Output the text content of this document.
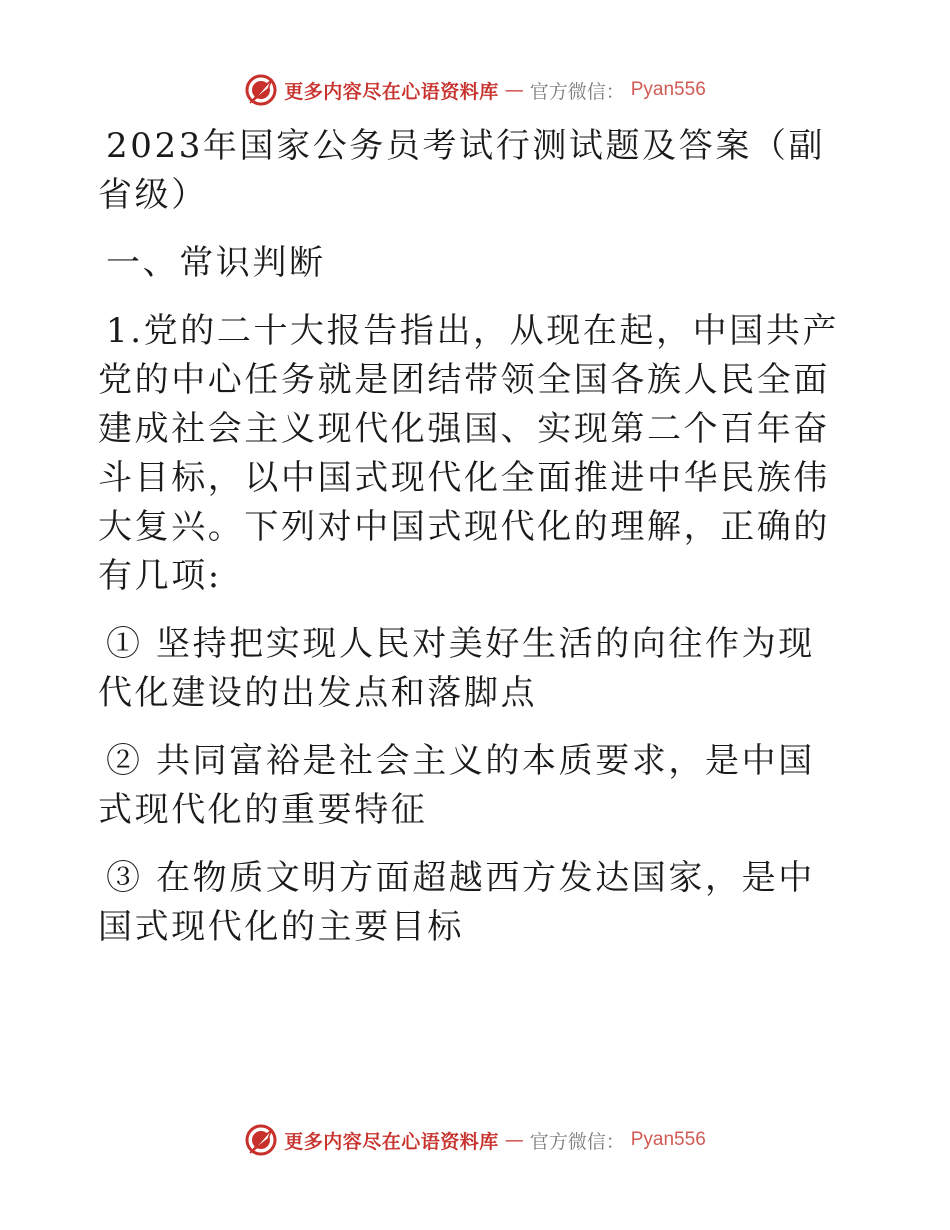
更多内容尽在心语资料库 — 官方微信： Pyan556

2023年国家公务员考试行测试题及答案（副省级）

一、常识判断

1.党的二十大报告指出，从现在起，中国共产党的中心任务就是团结带领全国各族人民全面建成社会主义现代化强国、实现第二个百年奋斗目标，以中国式现代化全面推进中华民族伟大复兴。下列对中国式现代化的理解，正确的有几项:

① 坚持把实现人民对美好生活的向往作为现代化建设的出发点和落脚点

② 共同富裕是社会主义的本质要求，是中国式现代化的重要特征

③ 在物质文明方面超越西方发达国家，是中国式现代化的主要目标

更多内容尽在心语资料库 — 官方微信： Pyan556
